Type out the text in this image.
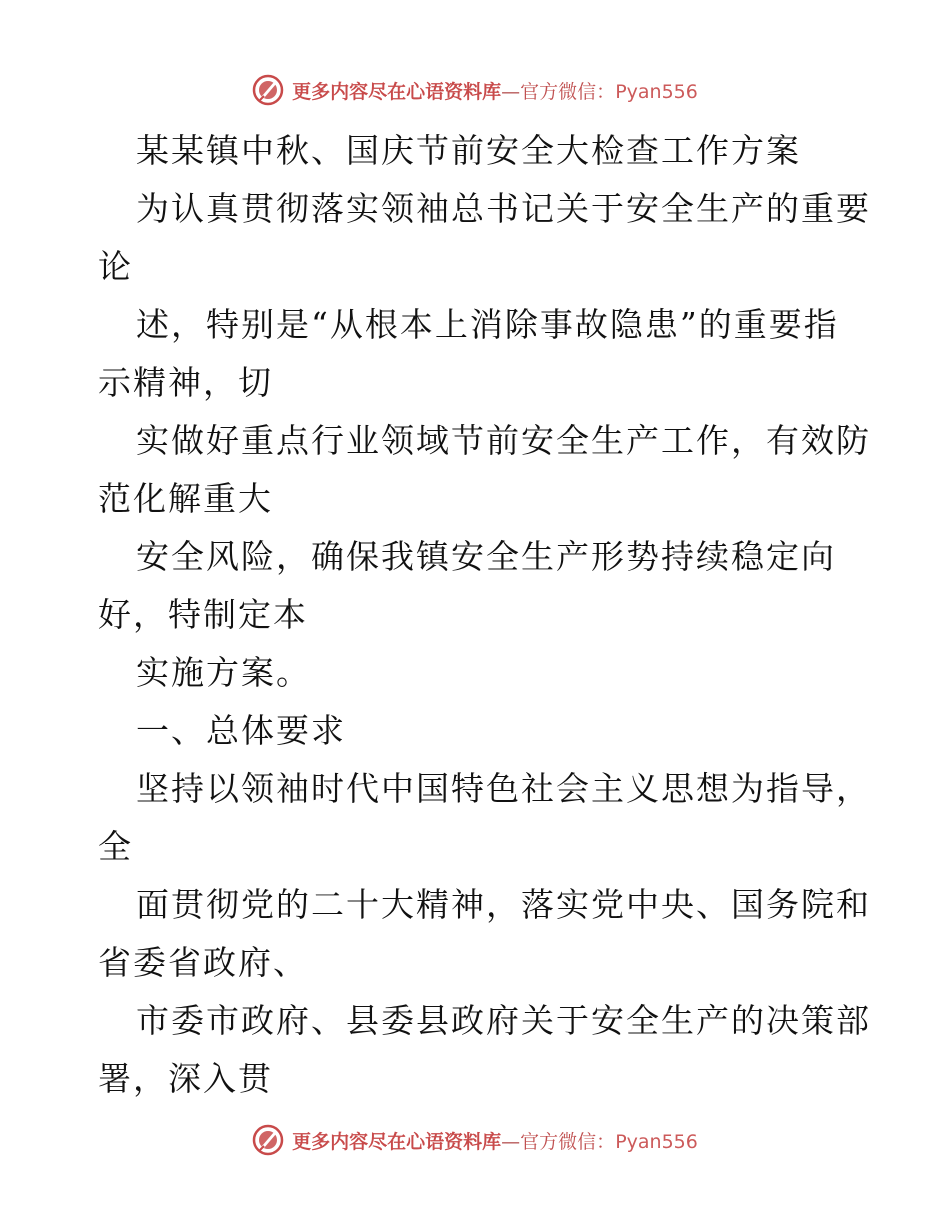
更多内容尽在心语资料库—官方微信：Pyan556
某某镇中秋、国庆节前安全大检查工作方案
为认真贯彻落实领袖总书记关于安全生产的重要
论
述，特别是“从根本上消除事故隐患”的重要指
示精神，切
实做好重点行业领域节前安全生产工作，有效防
范化解重大
安全风险，确保我镇安全生产形势持续稳定向
好，特制定本
实施方案。
一、总体要求
坚持以领袖时代中国特色社会主义思想为指导，
全
面贯彻党的二十大精神，落实党中央、国务院和
省委省政府、
市委市政府、县委县政府关于安全生产的决策部
署，深入贯
更多内容尽在心语资料库—官方微信：Pyan556
